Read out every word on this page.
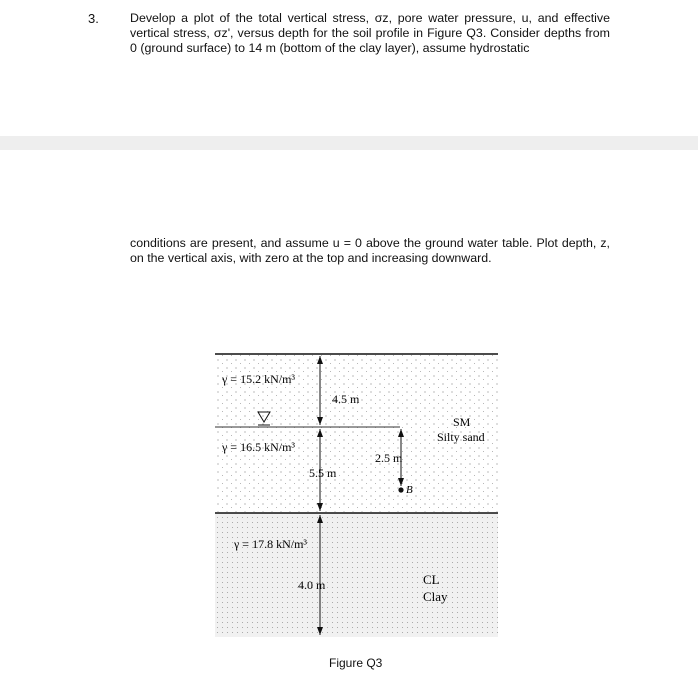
3.	Develop a plot of the total vertical stress, σz, pore water pressure, u, and effective vertical stress, σz', versus depth for the soil profile in Figure Q3. Consider depths from 0 (ground surface) to 14 m (bottom of the clay layer), assume hydrostatic
conditions are present, and assume u = 0 above the ground water table. Plot depth, z, on the vertical axis, with zero at the top and increasing downward.
γ = 15.2 kN/m³
4.5 m
γ = 16.5 kN/m³
5.5 m
2.5 m
B
SM
Silty sand
γ = 17.8 kN/m³
4.0 m	CL
Clay
Figure Q3
